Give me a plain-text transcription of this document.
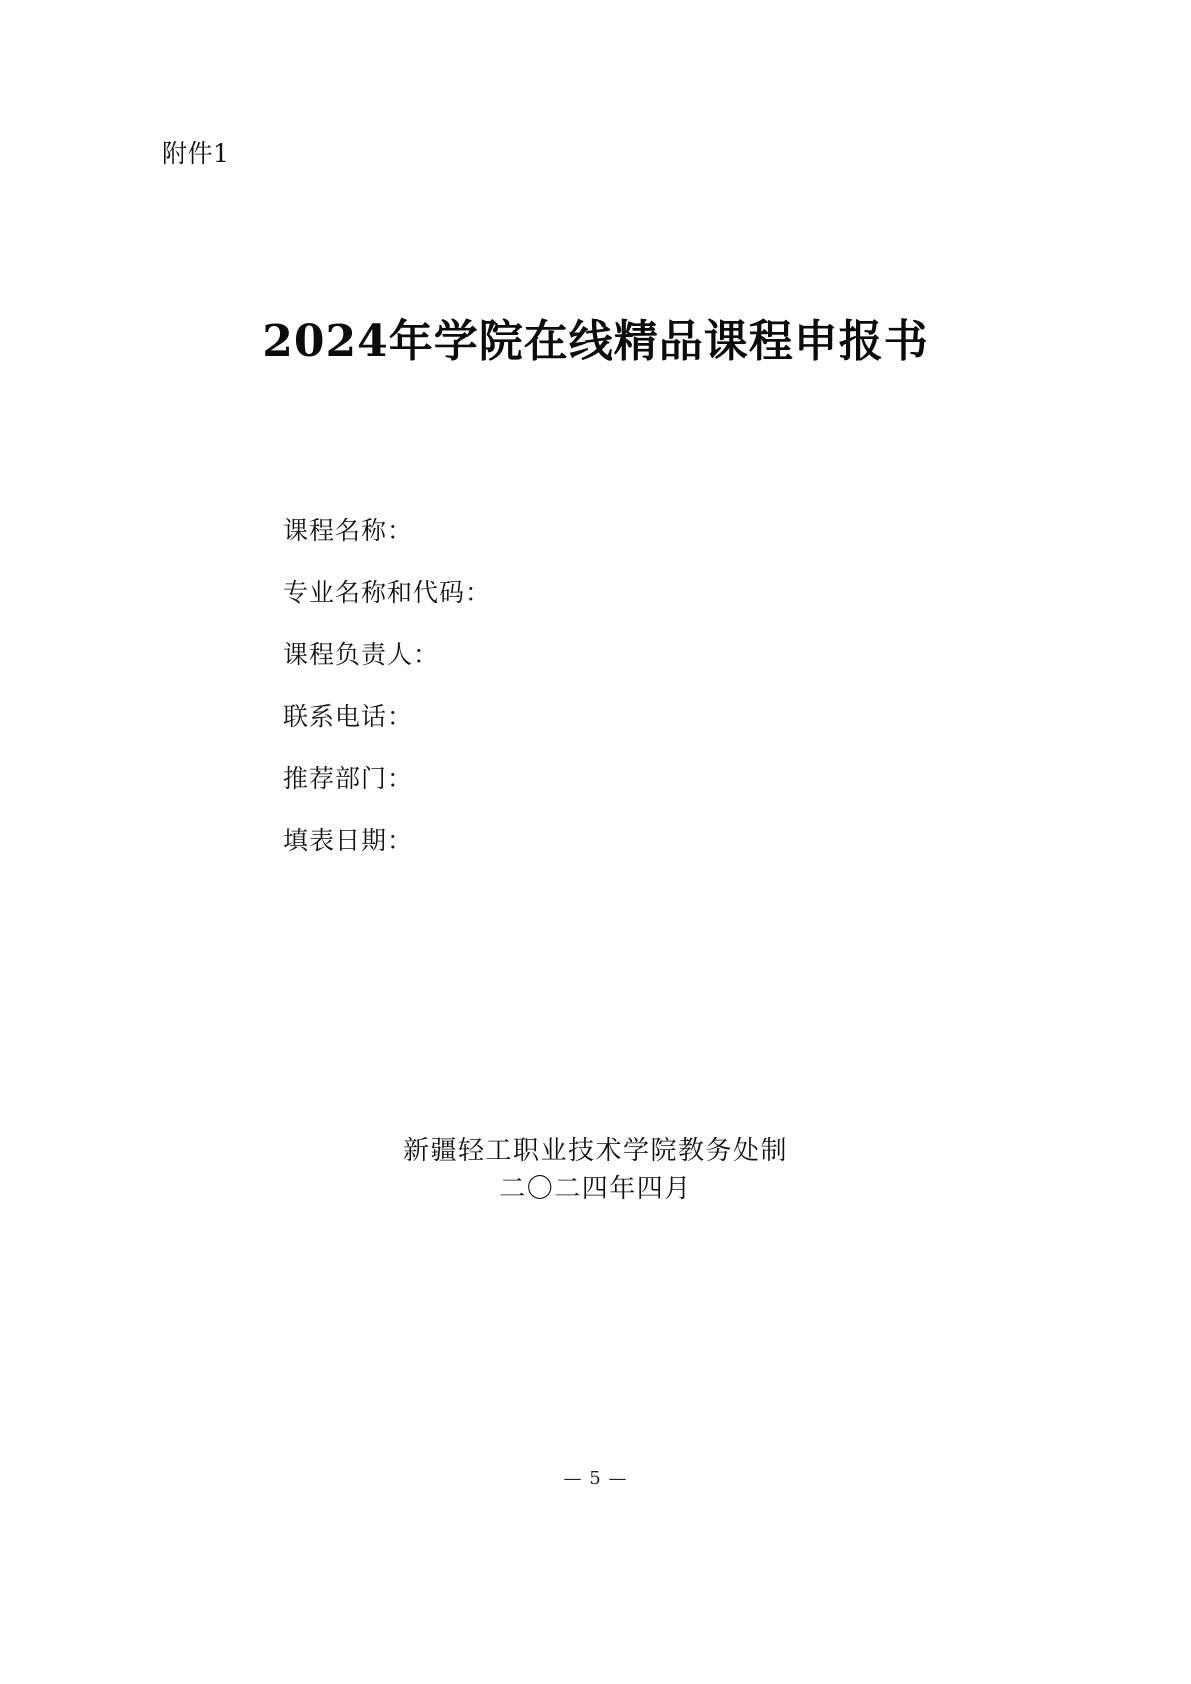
附件1
2024年学院在线精品课程申报书
课程名称：
专业名称和代码：
课程负责人：
联系电话：
推荐部门：
填表日期：
新疆轻工职业技术学院教务处制
二〇二四年四月
— 5 —
